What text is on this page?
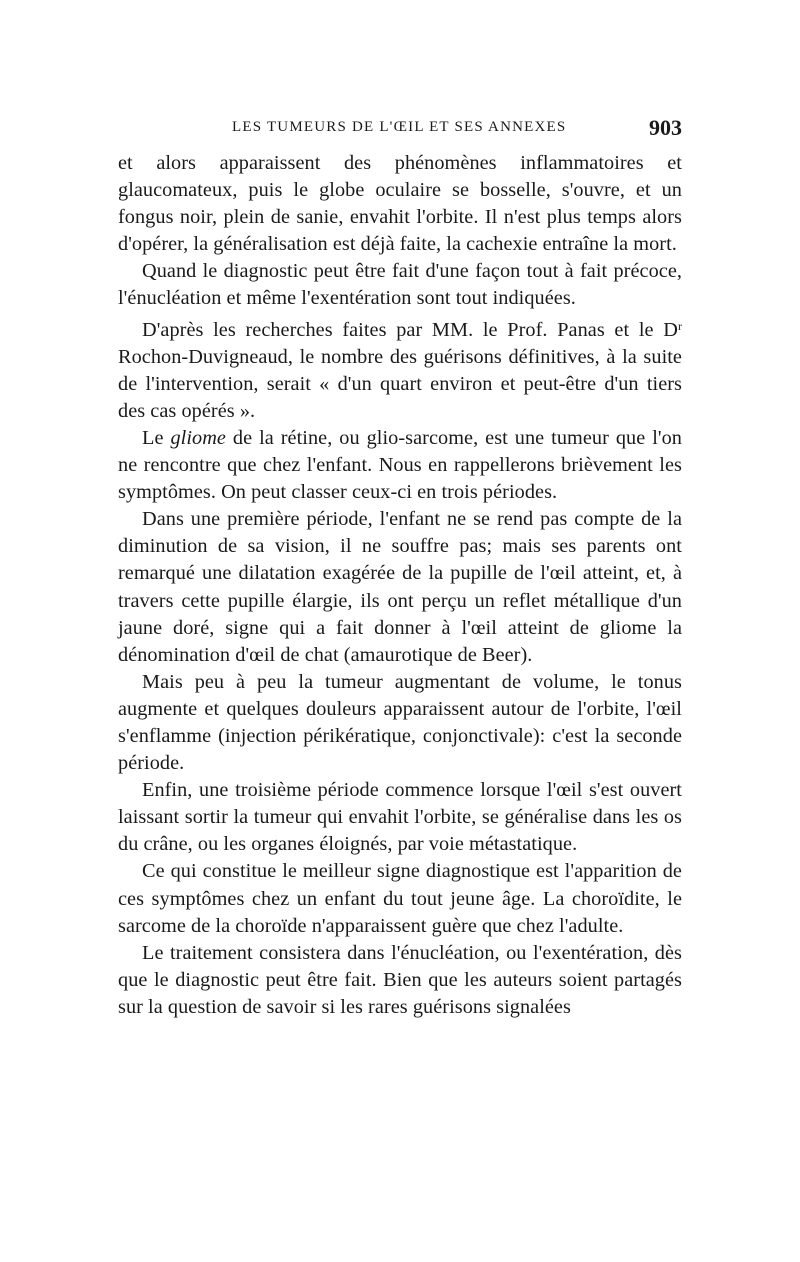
LES TUMEURS DE L'ŒIL ET SES ANNEXES	903

et alors apparaissent des phénomènes inflammatoires et glaucomateux, puis le globe oculaire se bosselle, s'ouvre, et un fongus noir, plein de sanie, envahit l'orbite. Il n'est plus temps alors d'opérer, la généralisation est déjà faite, la cachexie entraîne la mort.

Quand le diagnostic peut être fait d'une façon tout à fait précoce, l'énucléation et même l'exentération sont tout indiquées.

D'après les recherches faites par MM. le Prof. Panas et le $D^r$ Rochon-Duvigneaud, le nombre des guérisons définitives, à la suite de l'intervention, serait « d'un quart environ et peut-être d'un tiers des cas opérés ».

Le gliome de la rétine, ou glio-sarcome, est une tumeur que l'on ne rencontre que chez l'enfant. Nous en rappellerons brièvement les symptômes. On peut classer ceux-ci en trois périodes.

Dans une première période, l'enfant ne se rend pas compte de la diminution de sa vision, il ne souffre pas; mais ses parents ont remarqué une dilatation exagérée de la pupille de l'œil atteint, et, à travers cette pupille élargie, ils ont perçu un reflet métallique d'un jaune doré, signe qui a fait donner à l'œil atteint de gliome la dénomination d'œil de chat (amaurotique de Beer).

Mais peu à peu la tumeur augmentant de volume, le tonus augmente et quelques douleurs apparaissent autour de l'orbite, l'œil s'enflamme (injection périkératique, conjonctivale): c'est la seconde période.

Enfin, une troisième période commence lorsque l'œil s'est ouvert laissant sortir la tumeur qui envahit l'orbite, se généralise dans les os du crâne, ou les organes éloignés, par voie métastatique.

Ce qui constitue le meilleur signe diagnostique est l'apparition de ces symptômes chez un enfant du tout jeune âge. La choroïdite, le sarcome de la choroïde n'apparaissent guère que chez l'adulte.

Le traitement consistera dans l'énucléation, ou l'exentération, dès que le diagnostic peut être fait. Bien que les auteurs soient partagés sur la question de savoir si les rares guérisons signalées
